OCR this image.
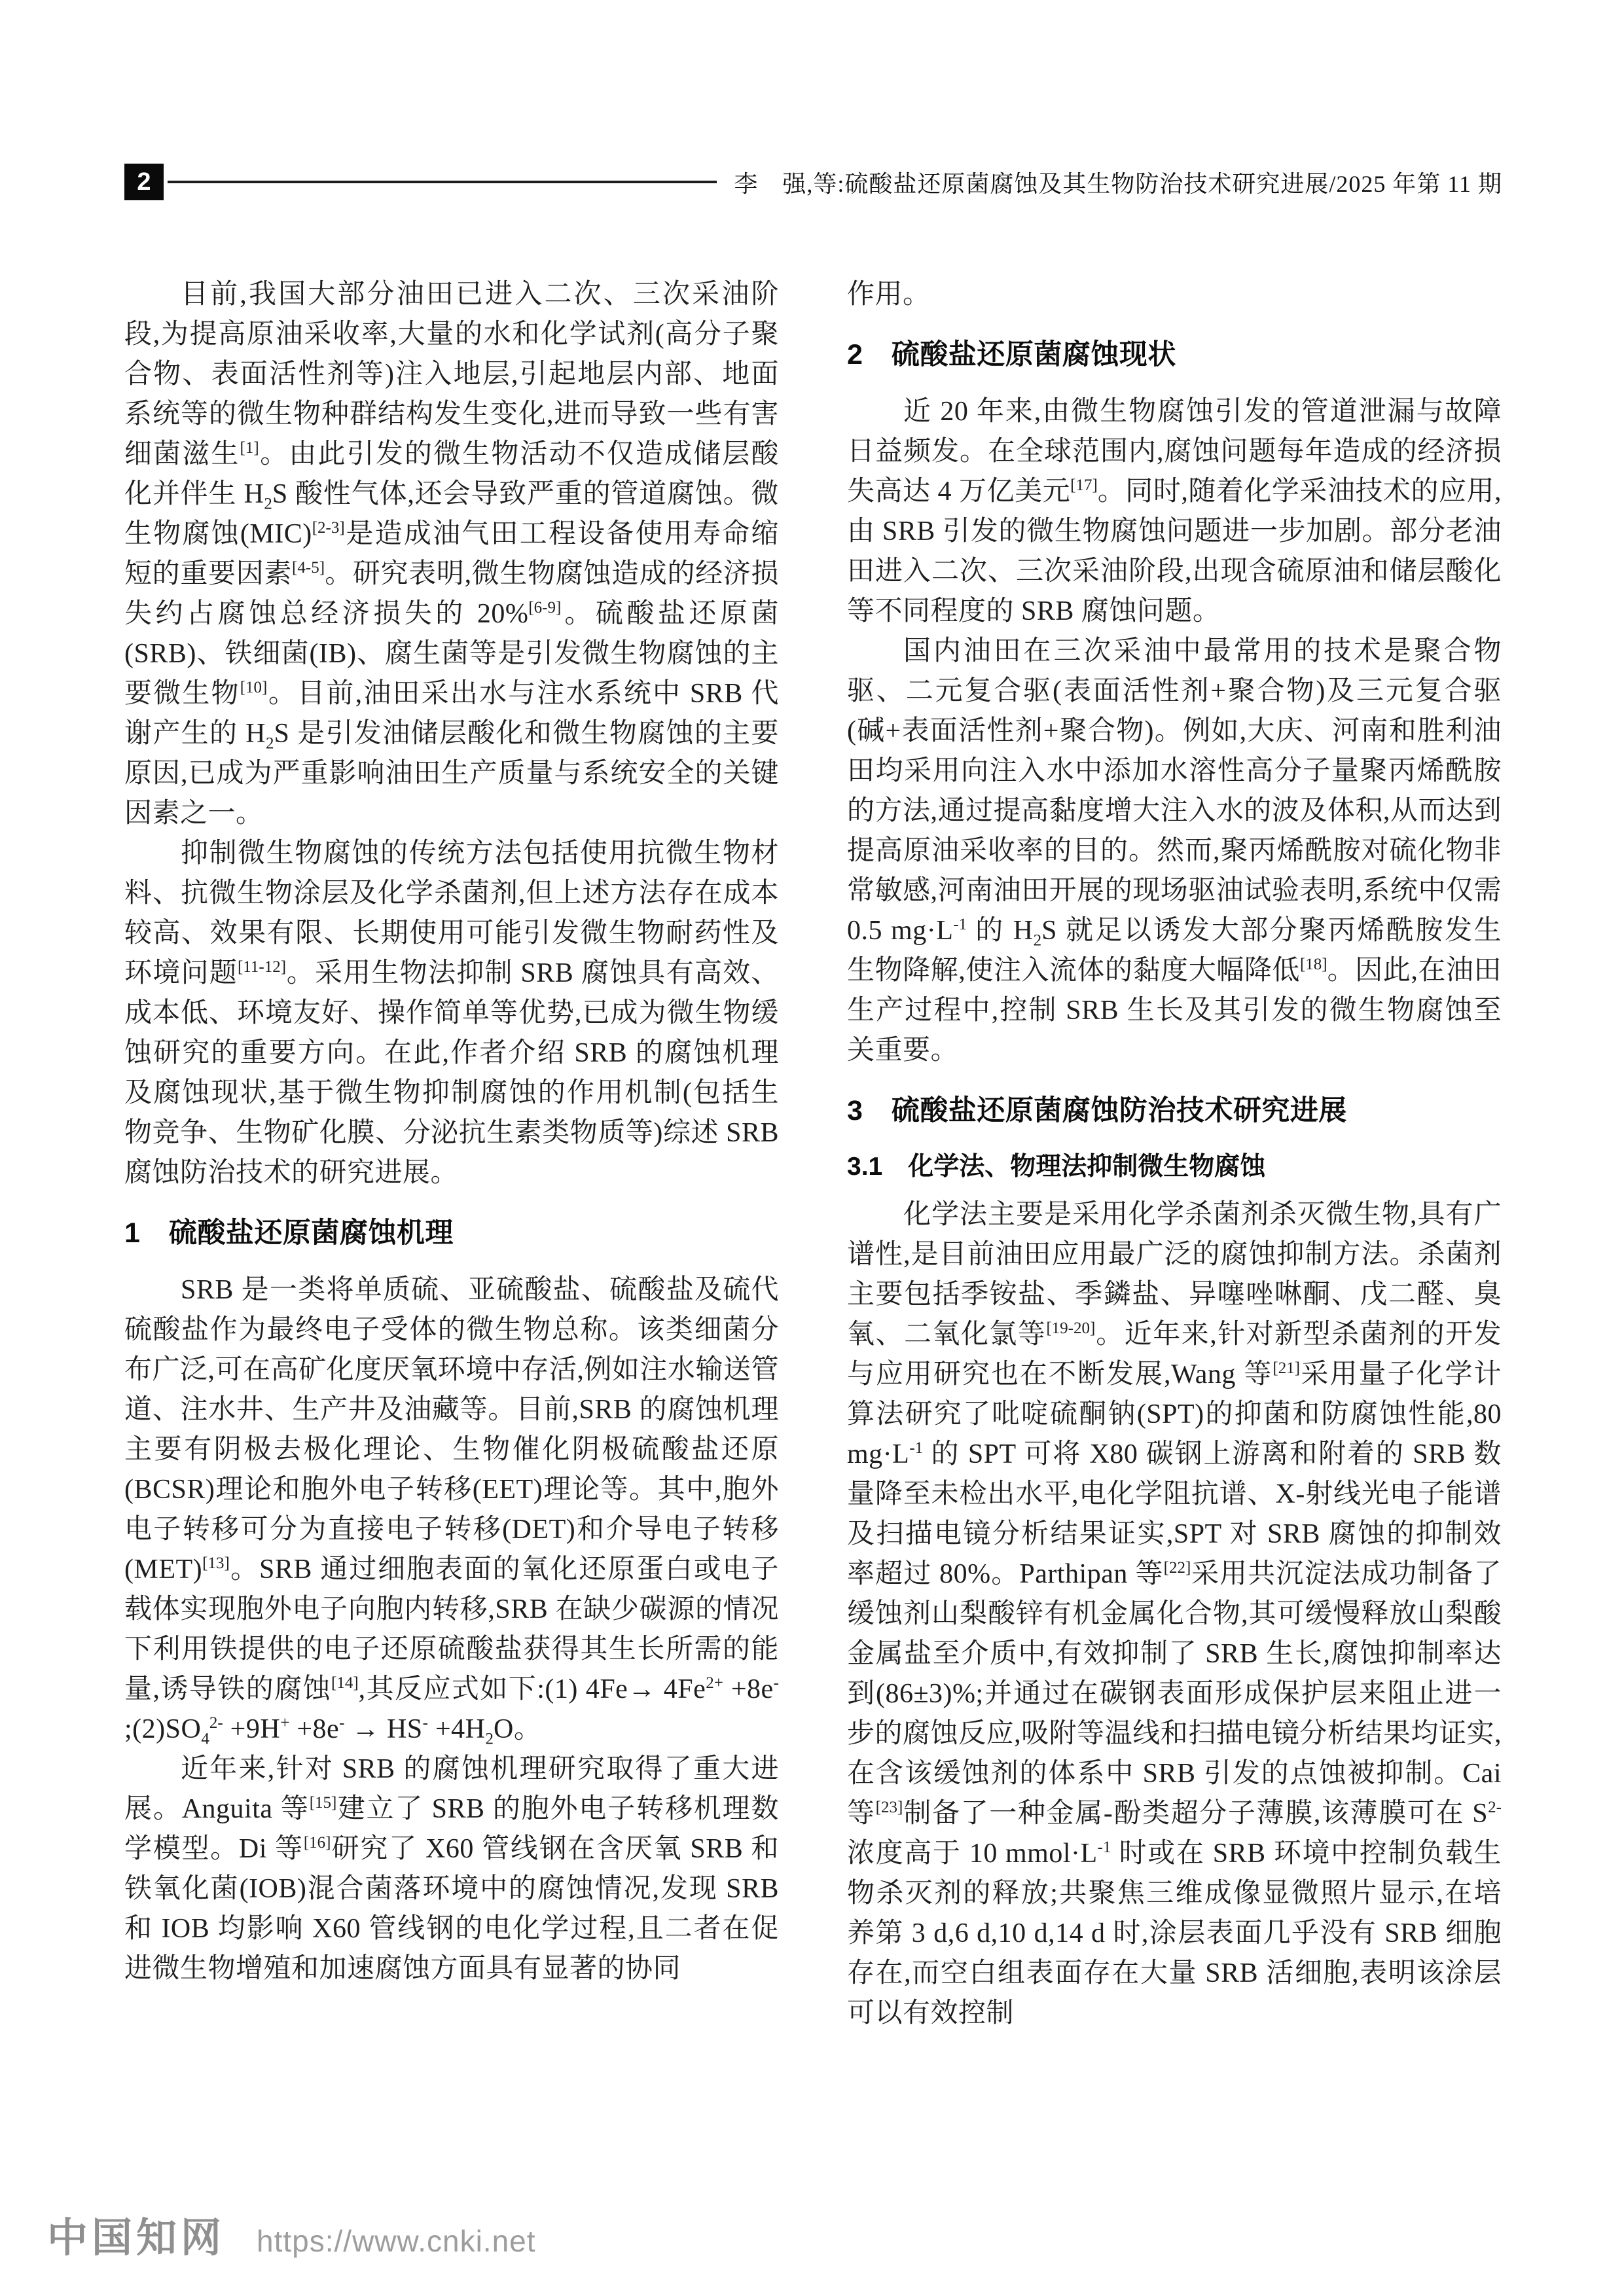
2	李　强,等:硫酸盐还原菌腐蚀及其生物防治技术研究进展/2025 年第 11 期

目前,我国大部分油田已进入二次、三次采油阶段,为提高原油采收率,大量的水和化学试剂(高分子聚合物、表面活性剂等)注入地层,引起地层内部、地面系统等的微生物种群结构发生变化,进而导致一些有害细菌滋生[1]。由此引发的微生物活动不仅造成储层酸化并伴生 $H_2S$ 酸性气体,还会导致严重的管道腐蚀。微生物腐蚀(MIC)[2-3]是造成油气田工程设备使用寿命缩短的重要因素[4-5]。研究表明,微生物腐蚀造成的经济损失约占腐蚀总经济损失的 20%[6-9]。硫酸盐还原菌(SRB)、铁细菌(IB)、腐生菌等是引发微生物腐蚀的主要微生物[10]。目前,油田采出水与注水系统中 SRB 代谢产生的 $H_2S$ 是引发油储层酸化和微生物腐蚀的主要原因,已成为严重影响油田生产质量与系统安全的关键因素之一。

抑制微生物腐蚀的传统方法包括使用抗微生物材料、抗微生物涂层及化学杀菌剂,但上述方法存在成本较高、效果有限、长期使用可能引发微生物耐药性及环境问题[11-12]。采用生物法抑制 SRB 腐蚀具有高效、成本低、环境友好、操作简单等优势,已成为微生物缓蚀研究的重要方向。在此,作者介绍 SRB 的腐蚀机理及腐蚀现状,基于微生物抑制腐蚀的作用机制(包括生物竞争、生物矿化膜、分泌抗生素类物质等)综述 SRB 腐蚀防治技术的研究进展。

1　硫酸盐还原菌腐蚀机理

SRB 是一类将单质硫、亚硫酸盐、硫酸盐及硫代硫酸盐作为最终电子受体的微生物总称。该类细菌分布广泛,可在高矿化度厌氧环境中存活,例如注水输送管道、注水井、生产井及油藏等。目前,SRB 的腐蚀机理主要有阴极去极化理论、生物催化阴极硫酸盐还原(BCSR)理论和胞外电子转移(EET)理论等。其中,胞外电子转移可分为直接电子转移(DET)和介导电子转移(MET)[13]。SRB 通过细胞表面的氧化还原蛋白或电子载体实现胞外电子向胞内转移,SRB 在缺少碳源的情况下利用铁提供的电子还原硫酸盐获得其生长所需的能量,诱导铁的腐蚀[14],其反应式如下:(1) $4Fe\to 4Fe^{2+} +8e^-$ $;(2)SO_4^{2-} +9H^+ +8e^- \to HS^- +4H_2O$。

近年来,针对 SRB 的腐蚀机理研究取得了重大进展。Anguita 等[15]建立了 SRB 的胞外电子转移机理数学模型。Di 等[16]研究了 X60 管线钢在含厌氧 SRB 和铁氧化菌(IOB)混合菌落环境中的腐蚀情况,发现 SRB 和 IOB 均影响 X60 管线钢的电化学过程,且二者在促进微生物增殖和加速腐蚀方面具有显著的协同

作用。

2　硫酸盐还原菌腐蚀现状

近 20 年来,由微生物腐蚀引发的管道泄漏与故障日益频发。在全球范围内,腐蚀问题每年造成的经济损失高达 4 万亿美元[17]。同时,随着化学采油技术的应用,由 SRB 引发的微生物腐蚀问题进一步加剧。部分老油田进入二次、三次采油阶段,出现含硫原油和储层酸化等不同程度的 SRB 腐蚀问题。

国内油田在三次采油中最常用的技术是聚合物驱、二元复合驱(表面活性剂+聚合物)及三元复合驱(碱+表面活性剂+聚合物)。例如,大庆、河南和胜利油田均采用向注入水中添加水溶性高分子量聚丙烯酰胺的方法,通过提高黏度增大注入水的波及体积,从而达到提高原油采收率的目的。然而,聚丙烯酰胺对硫化物非常敏感,河南油田开展的现场驱油试验表明,系统中仅需 0.5 $mg\cdot L^{-1}$ 的 $H_2S$ 就足以诱发大部分聚丙烯酰胺发生生物降解,使注入流体的黏度大幅降低[18]。因此,在油田生产过程中,控制 SRB 生长及其引发的微生物腐蚀至关重要。

3　硫酸盐还原菌腐蚀防治技术研究进展
3.1　化学法、物理法抑制微生物腐蚀

化学法主要是采用化学杀菌剂杀灭微生物,具有广谱性,是目前油田应用最广泛的腐蚀抑制方法。杀菌剂主要包括季铵盐、季鏻盐、异噻唑啉酮、戊二醛、臭氧、二氧化氯等[19-20]。近年来,针对新型杀菌剂的开发与应用研究也在不断发展,Wang 等[21]采用量子化学计算法研究了吡啶硫酮钠(SPT)的抑菌和防腐蚀性能,80 $mg\cdot L^{-1}$ 的 SPT 可将 X80 碳钢上游离和附着的 SRB 数量降至未检出水平,电化学阻抗谱、X-射线光电子能谱及扫描电镜分析结果证实,SPT 对 SRB 腐蚀的抑制效率超过 80%。Parthipan 等[22]采用共沉淀法成功制备了缓蚀剂山梨酸锌有机金属化合物,其可缓慢释放山梨酸金属盐至介质中,有效抑制了 SRB 生长,腐蚀抑制率达到(86±3)%;并通过在碳钢表面形成保护层来阻止进一步的腐蚀反应,吸附等温线和扫描电镜分析结果均证实,在含该缓蚀剂的体系中 SRB 引发的点蚀被抑制。Cai 等[23]制备了一种金属-酚类超分子薄膜,该薄膜可在 $S^{2-}$ 浓度高于 10 $mmol\cdot L^{-1}$ 时或在 SRB 环境中控制负载生物杀灭剂的释放;共聚焦三维成像显微照片显示,在培养第 3 d,6 d,10 d,14 d 时,涂层表面几乎没有 SRB 细胞存在,而空白组表面存在大量 SRB 活细胞,表明该涂层可以有效控制

中国知网 https://www.cnki.net
